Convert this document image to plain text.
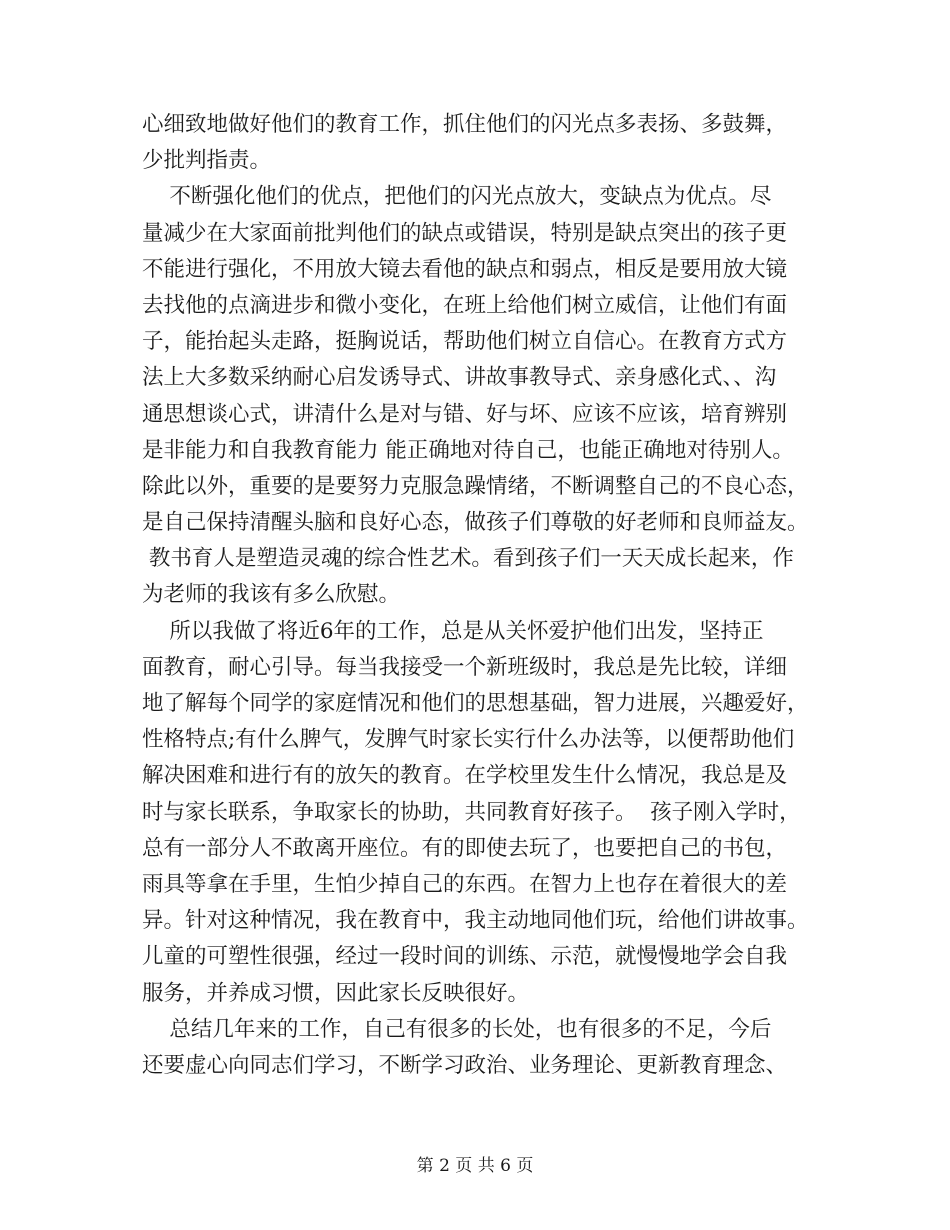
心细致地做好他们的教育工作，抓住他们的闪光点多表扬、多鼓舞，
少批判指责。
不断强化他们的优点，把他们的闪光点放大，变缺点为优点。尽
量减少在大家面前批判他们的缺点或错误，特别是缺点突出的孩子更
不能进行强化，不用放大镜去看他的缺点和弱点，相反是要用放大镜
去找他的点滴进步和微小变化，在班上给他们树立威信，让他们有面
子，能抬起头走路，挺胸说话，帮助他们树立自信心。在教育方式方
法上大多数采纳耐心启发诱导式、讲故事教导式、亲身感化式、、沟
通思想谈心式，讲清什么是对与错、好与坏、应该不应该，培育辨别
是非能力和自我教育能力 能正确地对待自己，也能正确地对待别人。
除此以外，重要的是要努力克服急躁情绪，不断调整自己的不良心态，
是自己保持清醒头脑和良好心态，做孩子们尊敬的好老师和良师益友。
教书育人是塑造灵魂的综合性艺术。看到孩子们一天天成长起来，作
为老师的我该有多么欣慰。
所以我做了将近6年的工作，总是从关怀爱护他们出发，坚持正
面教育，耐心引导。每当我接受一个新班级时，我总是先比较，详细
地了解每个同学的家庭情况和他们的思想基础，智力进展，兴趣爱好，
性格特点;有什么脾气，发脾气时家长实行什么办法等，以便帮助他们
解决困难和进行有的放矢的教育。在学校里发生什么情况，我总是及
时与家长联系，争取家长的协助，共同教育好孩子。  孩子刚入学时，
总有一部分人不敢离开座位。有的即使去玩了，也要把自己的书包，
雨具等拿在手里，生怕少掉自己的东西。在智力上也存在着很大的差
异。针对这种情况，我在教育中，我主动地同他们玩，给他们讲故事。
儿童的可塑性很强，经过一段时间的训练、示范，就慢慢地学会自我
服务，并养成习惯，因此家长反映很好。
总结几年来的工作，自己有很多的长处，也有很多的不足，今后
还要虚心向同志们学习，不断学习政治、业务理论、更新教育理念、
第 2 页 共 6 页
